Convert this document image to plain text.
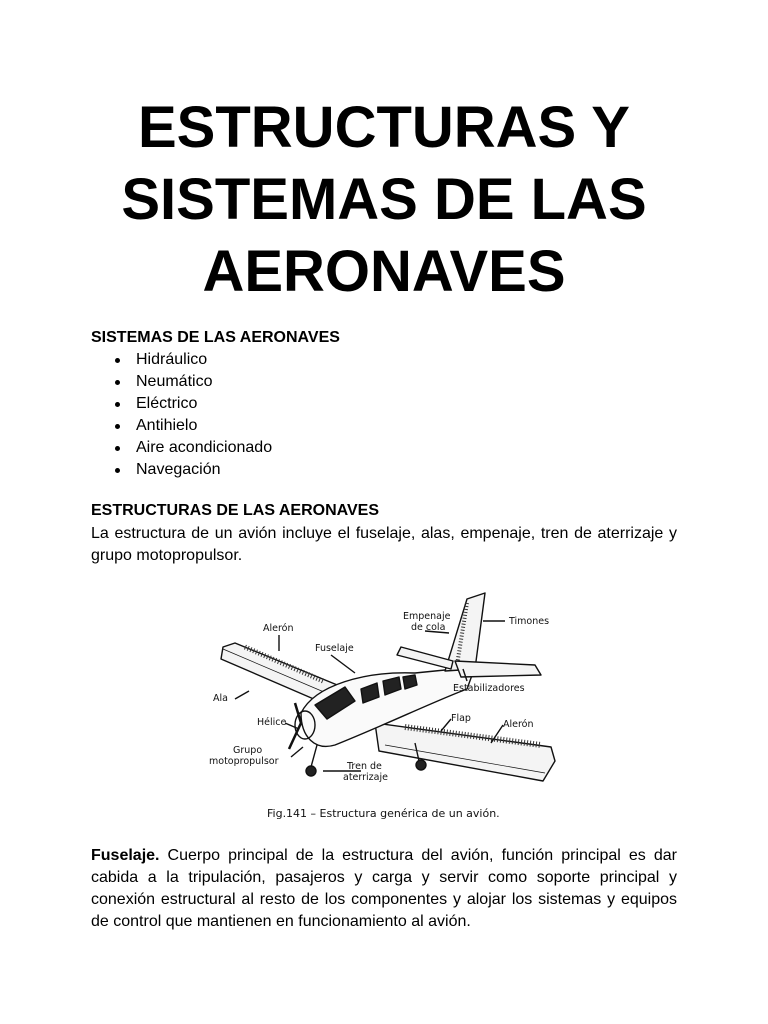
ESTRUCTURAS Y
SISTEMAS DE LAS
AERONAVES
SISTEMAS DE LAS AERONAVES
Hidráulico
Neumático
Eléctrico
Antihielo
Aire acondicionado
Navegación
ESTRUCTURAS DE LAS AERONAVES

La estructura de un avión incluye el fuselaje, alas, empenaje, tren de aterrizaje y grupo motopropulsor.

Alerón
Fuselaje
Empenaje
de cola
Timones
Estabilizadores
Ala
Hélice	Flap
Alerón
Grupo
motopropulsor	Tren de
aterrizaje
Fig.141 – Estructura genérica de un avión.

Fuselaje. Cuerpo principal de la estructura del avión, función principal es dar cabida a la tripulación, pasajeros y carga y servir como soporte principal y conexión estructural al resto de los componentes y alojar los sistemas y equipos de control que mantienen en funcionamiento al avión.
